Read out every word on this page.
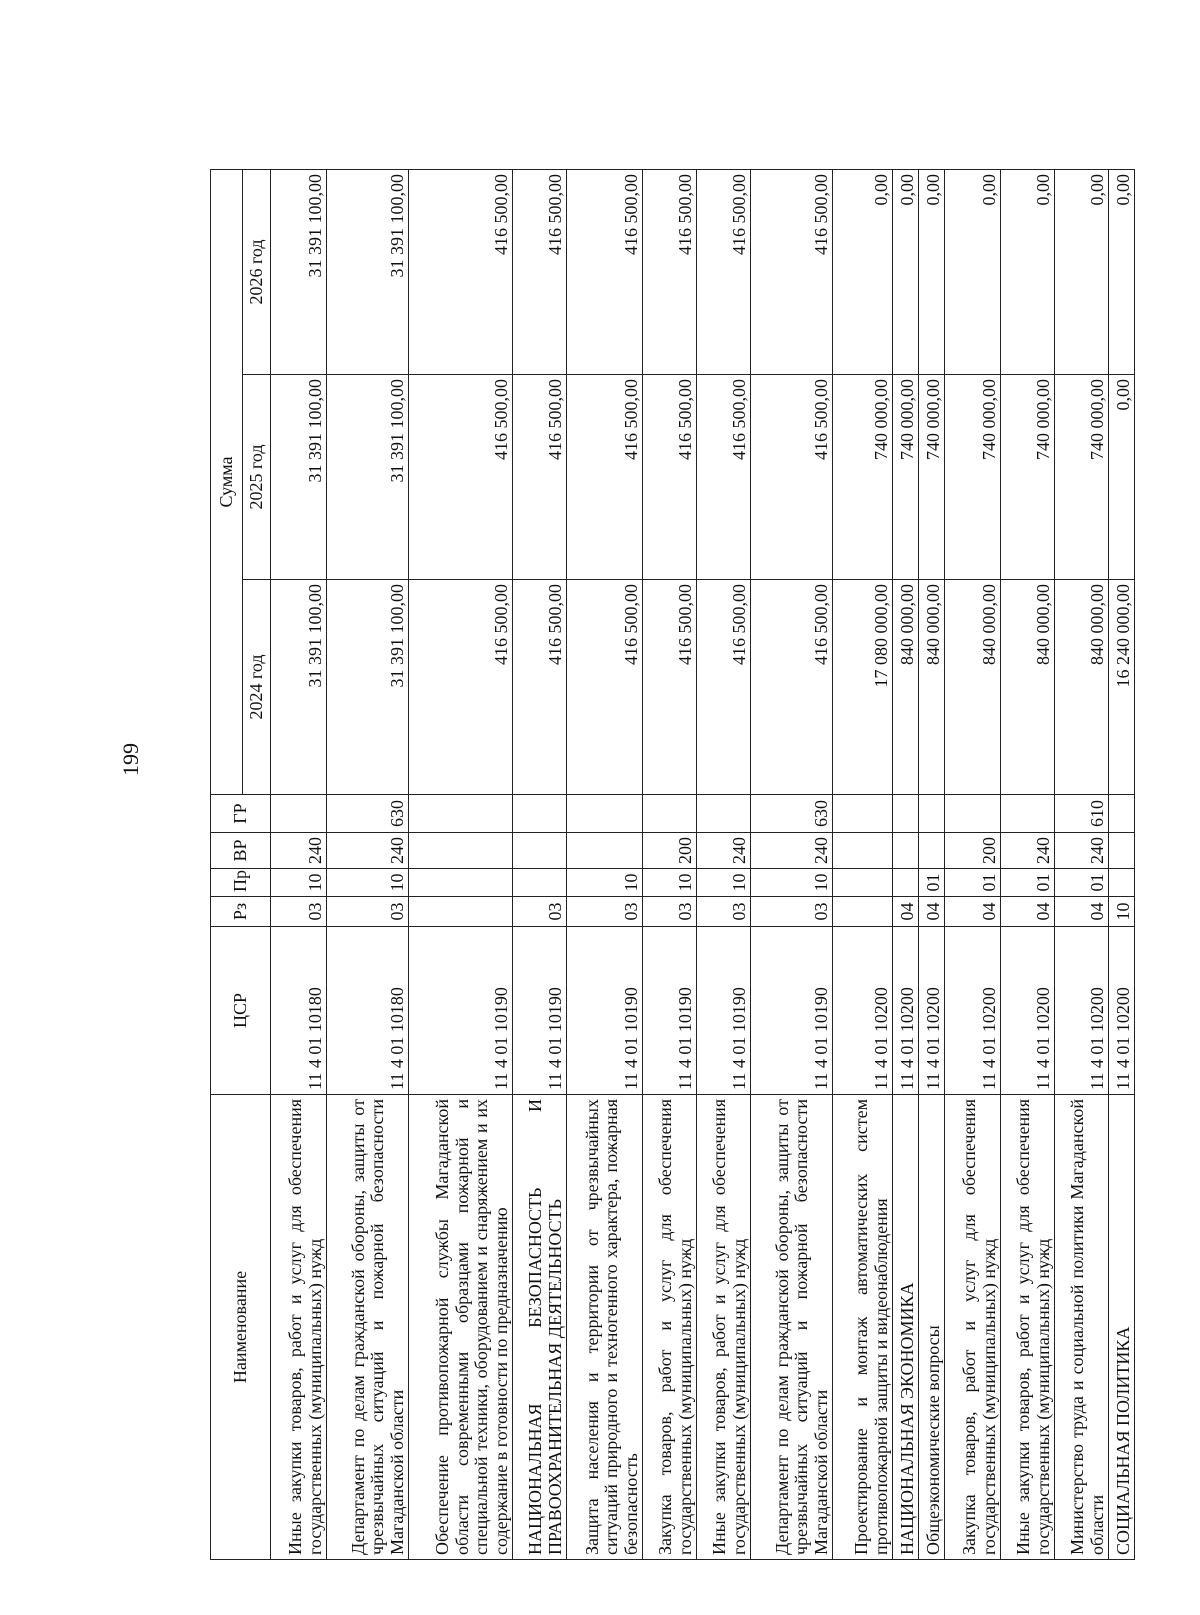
199
Наименование	ЦСР	Рз	Пр	ВР	ГР	Сумма		
						2024 год	2025 год	2026 год
Иные закупки товаров, работ и услуг для обеспечения государственных (муниципальных) нужд	11 4 01 10180	03	10	240		31 391 100,00	31 391 100,00	31 391 100,00
Департамент по делам гражданской обороны, защиты от чрезвычайных ситуаций и пожарной безопасности Магаданской области	11 4 01 10180	03	10	240	630	31 391 100,00	31 391 100,00	31 391 100,00
Обеспечение противопожарной службы Магаданской области современными образцами пожарной и специальной техники, оборудованием и снаряжением и их содержание в готовности по предназначению	11 4 01 10190					416 500,00	416 500,00	416 500,00
НАЦИОНАЛЬНАЯ БЕЗОПАСНОСТЬ И ПРАВООХРАНИТЕЛЬНАЯ ДЕЯТЕЛЬНОСТЬ	11 4 01 10190	03				416 500,00	416 500,00	416 500,00
Защита населения и территории от чрезвычайных ситуаций природного и техногенного характера, пожарная безопасность	11 4 01 10190	03	10			416 500,00	416 500,00	416 500,00
Закупка товаров, работ и услуг для обеспечения государственных (муниципальных) нужд	11 4 01 10190	03	10	200		416 500,00	416 500,00	416 500,00
Иные закупки товаров, работ и услуг для обеспечения государственных (муниципальных) нужд	11 4 01 10190	03	10	240		416 500,00	416 500,00	416 500,00
Департамент по делам гражданской обороны, защиты от чрезвычайных ситуаций и пожарной безопасности Магаданской области	11 4 01 10190	03	10	240	630	416 500,00	416 500,00	416 500,00
Проектирование и монтаж автоматических систем противопожарной защиты и видеонаблюдения	11 4 01 10200					17 080 000,00	740 000,00	0,00
НАЦИОНАЛЬНАЯ ЭКОНОМИКА	11 4 01 10200	04				840 000,00	740 000,00	0,00
Общеэкономические вопросы	11 4 01 10200	04	01			840 000,00	740 000,00	0,00
Закупка товаров, работ и услуг для обеспечения государственных (муниципальных) нужд	11 4 01 10200	04	01	200		840 000,00	740 000,00	0,00
Иные закупки товаров, работ и услуг для обеспечения государственных (муниципальных) нужд	11 4 01 10200	04	01	240		840 000,00	740 000,00	0,00
Министерство труда и социальной политики Магаданской области	11 4 01 10200	04	01	240	610	840 000,00	740 000,00	0,00
СОЦИАЛЬНАЯ ПОЛИТИКА	11 4 01 10200	10				16 240 000,00	0,00	0,00
